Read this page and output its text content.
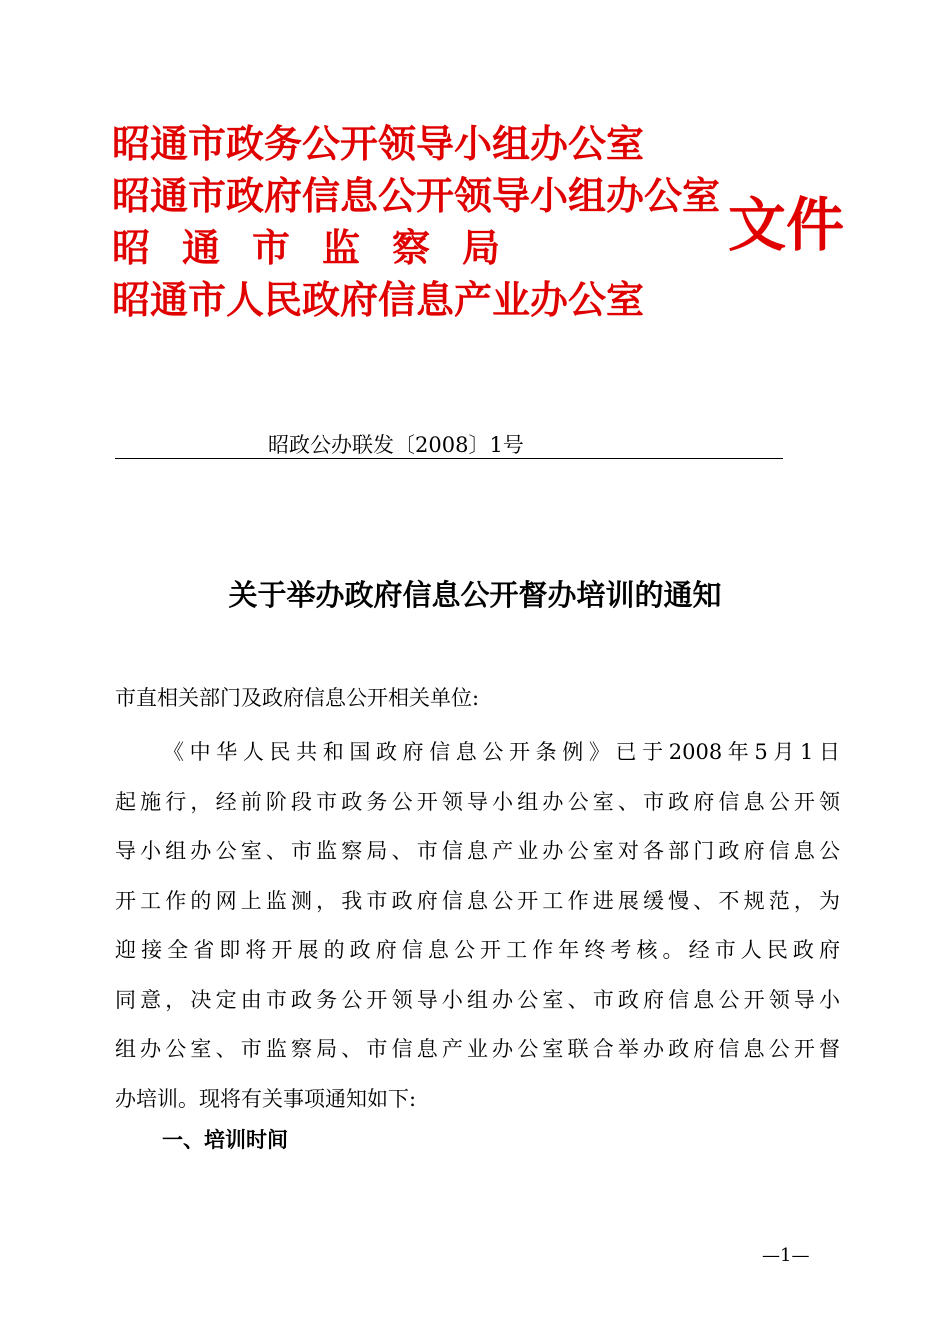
昭通市政务公开领导小组办公室
昭通市政府信息公开领导小组办公室
昭通市监察局
昭通市人民政府信息产业办公室
文件
昭政公办联发〔2008〕1号
关于举办政府信息公开督办培训的通知
市直相关部门及政府信息公开相关单位:
《中华人民共和国政府信息公开条例》已于2008年5月1日
起施行，经前阶段市政务公开领导小组办公室、市政府信息公开领
导小组办公室、市监察局、市信息产业办公室对各部门政府信息公
开工作的网上监测，我市政府信息公开工作进展缓慢、不规范，为
迎接全省即将开展的政府信息公开工作年终考核。经市人民政府
同意，决定由市政务公开领导小组办公室、市政府信息公开领导小
组办公室、市监察局、市信息产业办公室联合举办政府信息公开督
办培训。现将有关事项通知如下:
一、培训时间
—1—
